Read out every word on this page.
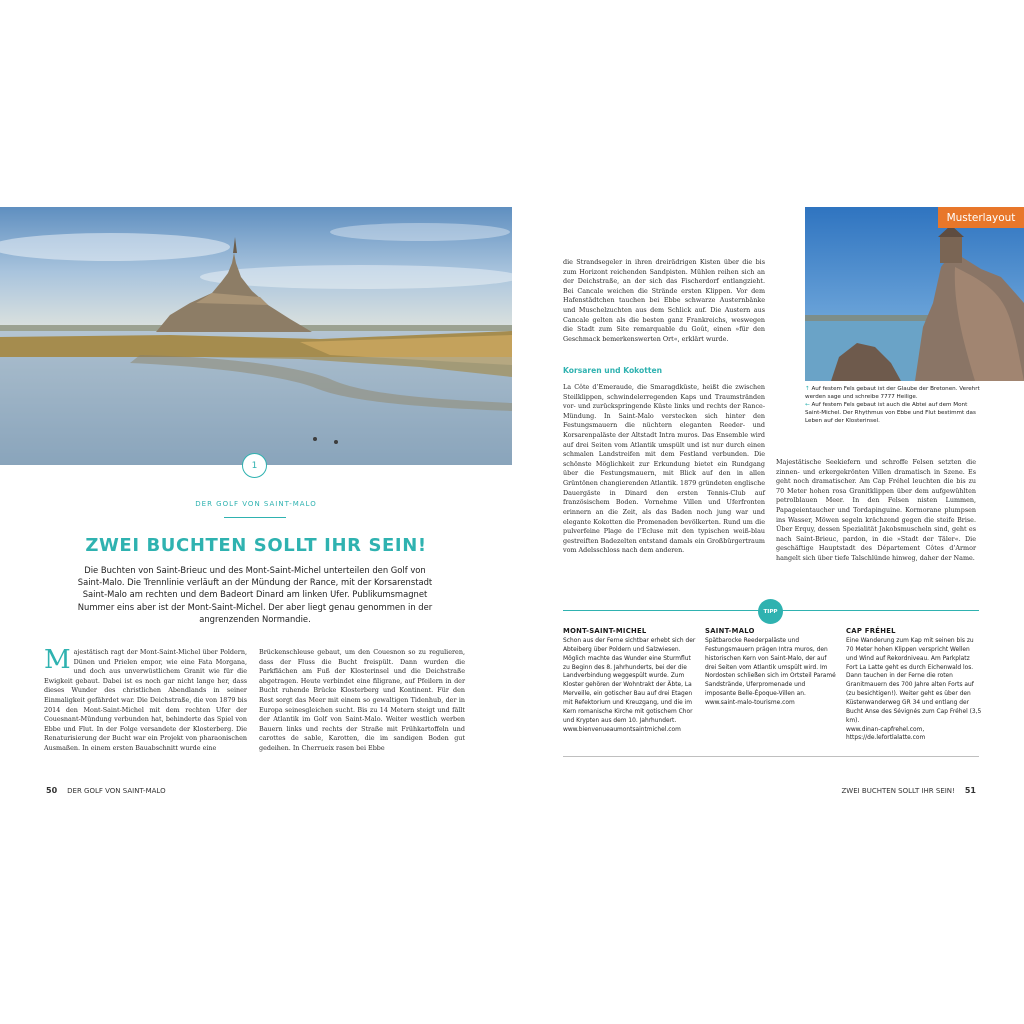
1
DER GOLF VON SAINT-MALO
ZWEI BUCHTEN SOLLT IHR SEIN!

Die Buchten von Saint-Brieuc und des Mont-Saint-Michel unterteilen den Golf von Saint-Malo. Die Trennlinie verläuft an der Mündung der Rance, mit der Korsarenstadt Saint-Malo am rechten und dem Badeort Dinard am linken Ufer. Publikumsmagnet Nummer eins aber ist der Mont-Saint-Michel. Der aber liegt genau genommen in der angrenzenden Normandie.

M ajestätisch ragt der Mont-Saint-Michel über Poldern, Dünen und Prielen empor, wie eine Fata Morgana, und doch aus unverwüstlichem Granit wie für die Ewigkeit gebaut. Dabei ist es noch gar nicht lange her, dass dieses Wunder des christlichen Abendlands in seiner Einmaligkeit gefährdet war. Die Deichstraße, die von 1879 bis 2014 den Mont-Saint-Michel mit dem rechten Ufer der Couesnant-Mündung verbunden hat, behinderte das Spiel von Ebbe und Flut. In der Folge versandete der Klosterberg. Die Renaturisierung der Bucht war ein Projekt von pharaonischen Ausmaßen. In einem ersten Bauabschnitt wurde eine
Brückenschleuse gebaut, um den Couesnon so zu regulieren, dass der Fluss die Bucht freispült. Dann wurden die Parkflächen am Fuß der Klosterinsel und die Deichstraße abgetragen. Heute verbindet eine filigrane, auf Pfeilern in der Bucht ruhende Brücke Klosterberg und Kontinent. Für den Rest sorgt das Meer mit einem so gewaltigen Tidenhub, der in Europa seinesgleichen sucht. Bis zu 14 Metern steigt und fällt der Atlantik im Golf von Saint-Malo. Weiter westlich werben Bauern links und rechts der Straße mit Frühkartoffeln und carottes de sable, Karotten, die im sandigen Boden gut gedeihen. In Cherrueix rasen bei Ebbe
50 DER GOLF VON SAINT-MALO
die Strandsegeler in ihren dreirädrigen Kisten über die bis zum Horizont reichenden Sandpisten. Mühlen reihen sich an der Deichstraße, an der sich das Fischerdorf entlangzieht. Bei Cancale weichen die Strände ersten Klippen. Vor dem Hafenstädtchen tauchen bei Ebbe schwarze Austernbänke und Muschelzuchten aus dem Schlick auf. Die Austern aus Cancale gelten als die besten ganz Frankreichs, weswegen die Stadt zum Site remarquable du Goût, einen »für den Geschmack bemerkenswerten Ort«, erklärt wurde.
Korsaren und Kokotten
La Côte d’Emeraude, die Smaragdküste, heißt die zwischen Steilklippen, schwindelerregenden Kaps und Traumstränden vor- und zurückspringende Küste links und rechts der Rance-Mündung. In Saint-Malo verstecken sich hinter den Festungsmauern die nüchtern eleganten Reeder- und Korsarenpaläste der Altstadt Intra muros. Das Ensemble wird auf drei Seiten vom Atlantik umspült und ist nur durch einen schmalen Landstreifen mit dem Festland verbunden. Die schönste Möglichkeit zur Erkundung bietet ein Rundgang über die Festungsmauern, mit Blick auf den in allen Grüntönen changierenden Atlantik. 1879 gründeten englische Dauergäste in Dinard den ersten Tennis-Club auf französischem Boden. Vornehme Villen und Uferfronten erinnern an die Zeit, als das Baden noch jung war und elegante Kokotten die Promenaden bevölkerten. Rund um die pulverfeine Plage de l’Ecluse mit den typischen weiß-blau gestreiften Badezelten entstand damals ein Großbürgertraum vom Adelsschloss nach dem anderen.
Majestätische Seekiefern und schroffe Felsen setzten die zinnen- und erkergekrönten Villen dramatisch in Szene. Es geht noch dramatischer. Am Cap Fréhel leuchten die bis zu 70 Meter hohen rosa Granitklippen über dem aufgewühlten petrolblauen Meer. In den Felsen nisten Lummen, Papageientaucher und Tordapinguine. Kormorane plumpsen ins Wasser, Möwen segeln krächzend gegen die steife Brise. Über Erquy, dessen Spezialität Jakobsmuscheln sind, geht es nach Saint-Brieuc, pardon, in die »Stadt der Täler«. Die geschäftige Hauptstadt des Département Côtes d’Armor hangelt sich über tiefe Talschlünde hinweg, daher der Name.
Musterlayout
↑ Auf festem Fels gebaut ist der Glaube der Bretonen. Verehrt werden sage und schreibe 7777 Heilige.
← Auf festem Fels gebaut ist auch die Abtei auf dem Mont Saint-Michel. Der Rhythmus von Ebbe und Flut bestimmt das Leben auf der Klosterinsel.
TIPP
MONT-SAINT-MICHEL

Schon aus der Ferne sichtbar erhebt sich der Abteiberg über Poldern und Salzwiesen. Möglich machte das Wunder eine Sturmflut zu Beginn des 8. Jahrhunderts, bei der die Landverbindung weggespült wurde. Zum Kloster gehören der Wohntrakt der Äbte, La Merveille, ein gotischer Bau auf drei Etagen mit Refektorium und Kreuzgang, und die im Kern romanische Kirche mit gotischem Chor und Krypten aus dem 10. Jahrhundert.

www.bienvenueaumontsaintmichel.com

SAINT-MALO

Spätbarocke Reederpaläste und Festungsmauern prägen Intra muros, den historischen Kern von Saint-Malo, der auf drei Seiten vom Atlantik umspült wird. Im Nordosten schließen sich im Ortsteil Paramé Sandstrände, Uferpromenade und imposante Belle-Époque-Villen an.

www.saint-malo-tourisme.com

CAP FRÉHEL

Eine Wanderung zum Kap mit seinen bis zu 70 Meter hohen Klippen verspricht Wellen und Wind auf Rekordniveau. Am Parkplatz Fort La Latte geht es durch Eichenwald los. Dann tauchen in der Ferne die roten Granitmauern des 700 Jahre alten Forts auf (zu besichtigen!). Weiter geht es über den Küstenwanderweg GR 34 und entlang der Bucht Anse des Sévignés zum Cap Fréhel (3,5 km).

www.dinan-capfrehel.com, https://de.lefortlalatte.com

ZWEI BUCHTEN SOLLT IHR SEIN! 51
